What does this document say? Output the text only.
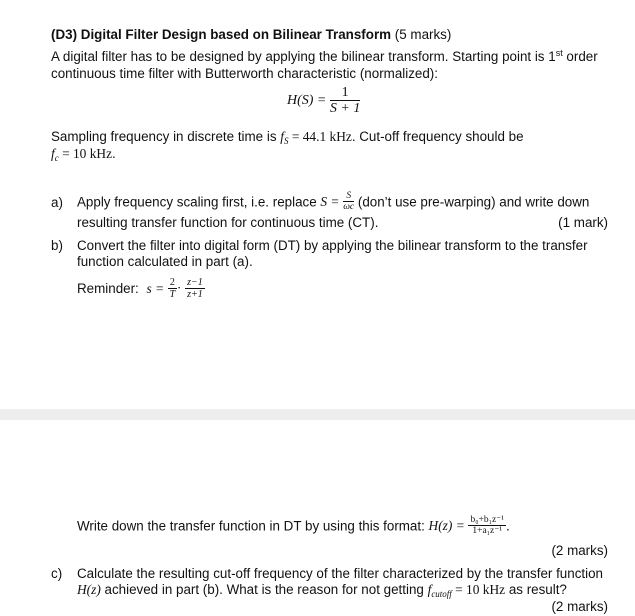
(D3) Digital Filter Design based on Bilinear Transform (5 marks)
A digital filter has to be designed by applying the bilinear transform. Starting point is 1st order
continuous time filter with Butterworth characteristic (normalized):
$H(S) = \frac{1}{S + 1}$
Sampling frequency in discrete time is $f_S = 44.1$ kHz. Cut-off frequency should be
$f_c = 10$ kHz.
a) Apply frequency scaling first, i.e. replace $S = \frac{S}{\omega c}$ (don’t use pre-warping) and write down
resulting transfer function for continuous time (CT).	(1 mark)
b) Convert the filter into digital form (DT) by applying the bilinear transform to the transfer
function calculated in part (a).
Reminder: $s = \frac{2}{T} \cdot \frac{z-1}{z+1}$
Write down the transfer function in DT by using this format: $H(z) = \frac{\text{b₀+b₁z⁻¹}}{\text{1+a₁z⁻¹}}$ .
(2 marks)
c) Calculate the resulting cut-off frequency of the filter characterized by the transfer function
H(z) achieved in part (b). What is the reason for not getting $f_{cutoff} = 10$ kHz as result?
(2 marks)
